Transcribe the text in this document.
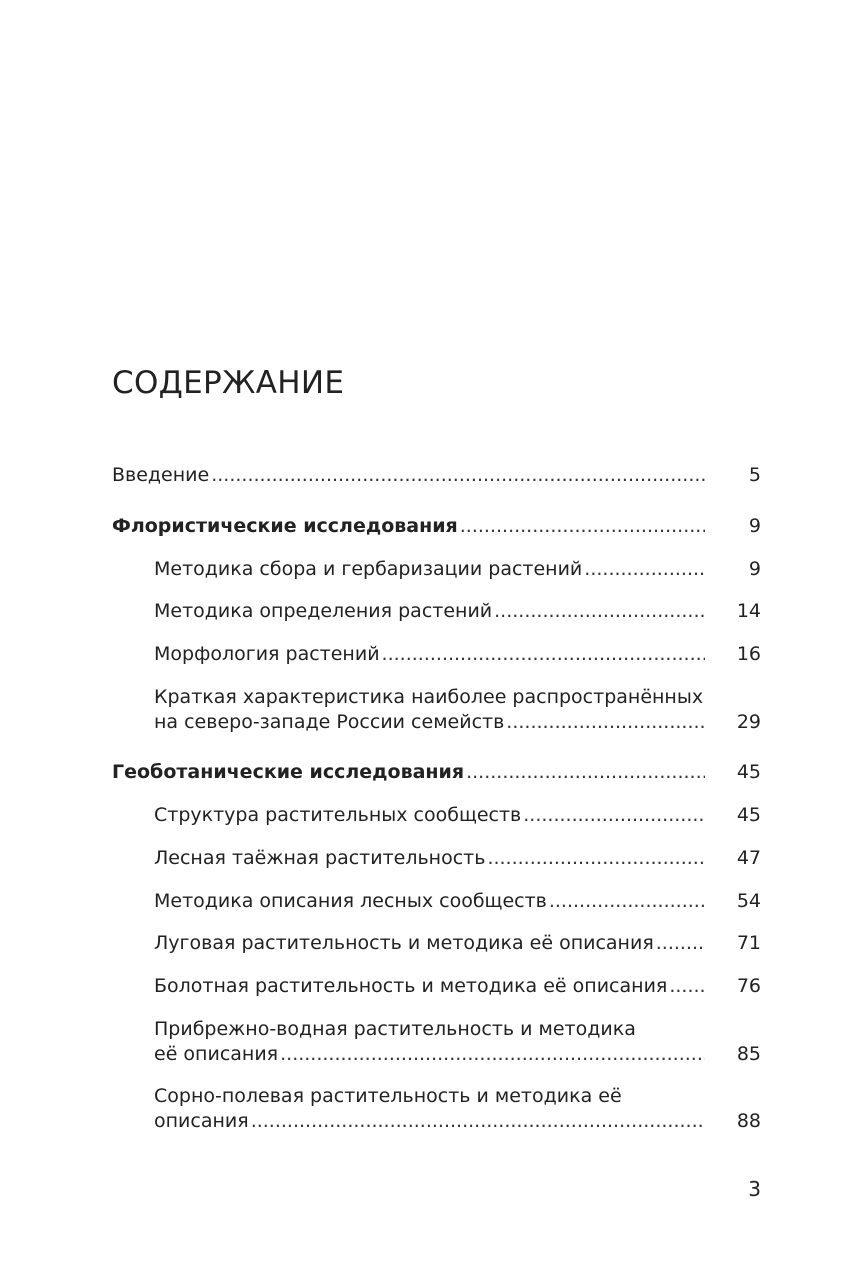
СОДЕРЖАНИЕ
Введение .....	5
Флористические исследования .....	9
Методика сбора и гербаризации растений .....	9
Методика определения растений .....	14
Морфология растений .....	16
Краткая характеристика наиболее распространённых
на северо-западе России семейств .....	29
Геоботанические исследования .....	45
Структура растительных сообществ .....	45
Лесная таёжная растительность .....	47
Методика описания лесных сообществ .....	54
Луговая растительность и методика её описания .....	71
Болотная растительность и методика её описания .....	76
Прибрежно-водная растительность и методика
её описания .....	85
Сорно-полевая растительность и методика её
описания .....	88
3
